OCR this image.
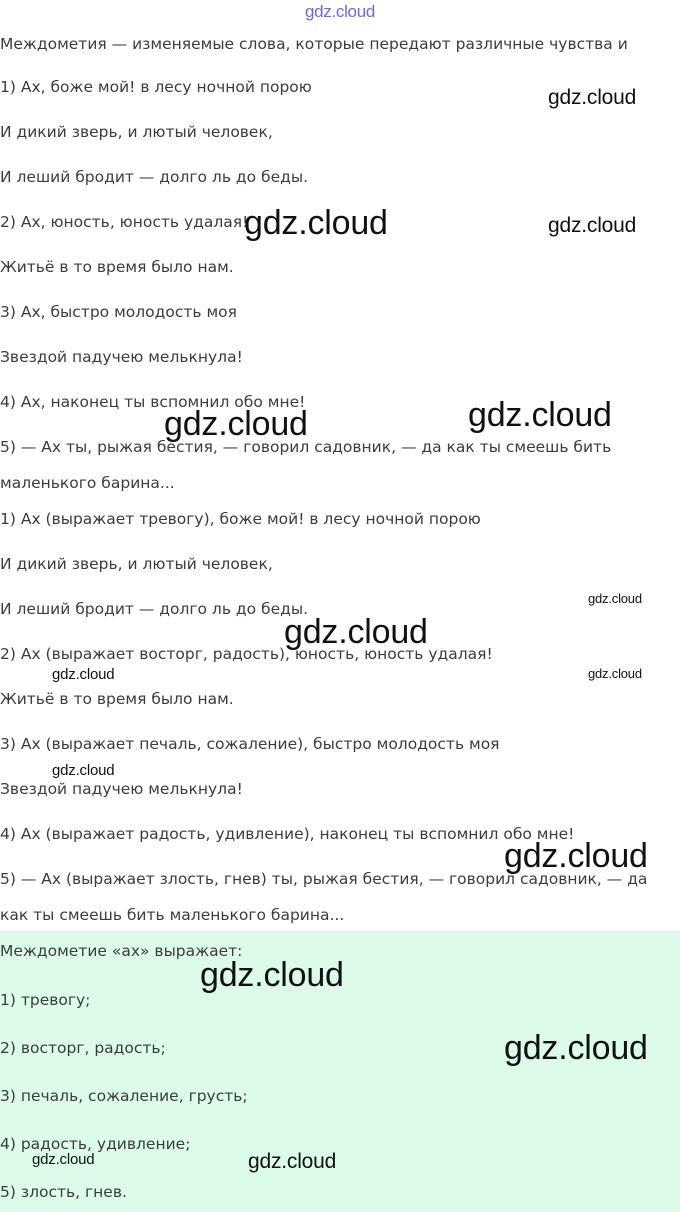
gdz.cloud
Междометия — изменяемые слова, которые передают различные чувства и
1) Ах, боже мой! в лесу ночной порою
И дикий зверь, и лютый человек,
И леший бродит — долго ль до беды.
2) Ах, юность, юность удалая!
Житьё в то время было нам.
3) Ах, быстро молодость моя
Звездой падучею мелькнула!
4) Ах, наконец ты вспомнил обо мне!
5) — Ах ты, рыжая бестия, — говорил садовник, — да как ты смеешь бить
маленького барина...
1) Ах (выражает тревогу), боже мой! в лесу ночной порою
И дикий зверь, и лютый человек,
И леший бродит — долго ль до беды.
2) Ах (выражает восторг, радость), юность, юность удалая!
Житьё в то время было нам.
3) Ах (выражает печаль, сожаление), быстро молодость моя
Звездой падучею мелькнула!
4) Ах (выражает радость, удивление), наконец ты вспомнил обо мне!
5) — Ах (выражает злость, гнев) ты, рыжая бестия, — говорил садовник, — да
как ты смеешь бить маленького барина...
Междометие «ах» выражает:
1) тревогу;
2) восторг, радость;
3) печаль, сожаление, грусть;
4) радость, удивление;
5) злость, гнев.
gdz.cloud
gdz.cloud	gdz.cloud
gdz.cloud	gdz.cloud
gdz.cloud
gdz.cloud
gdz.cloud	gdz.cloud
gdz.cloud
gdz.cloud
gdz.cloud
gdz.cloud
gdz.cloud	gdz.cloud
